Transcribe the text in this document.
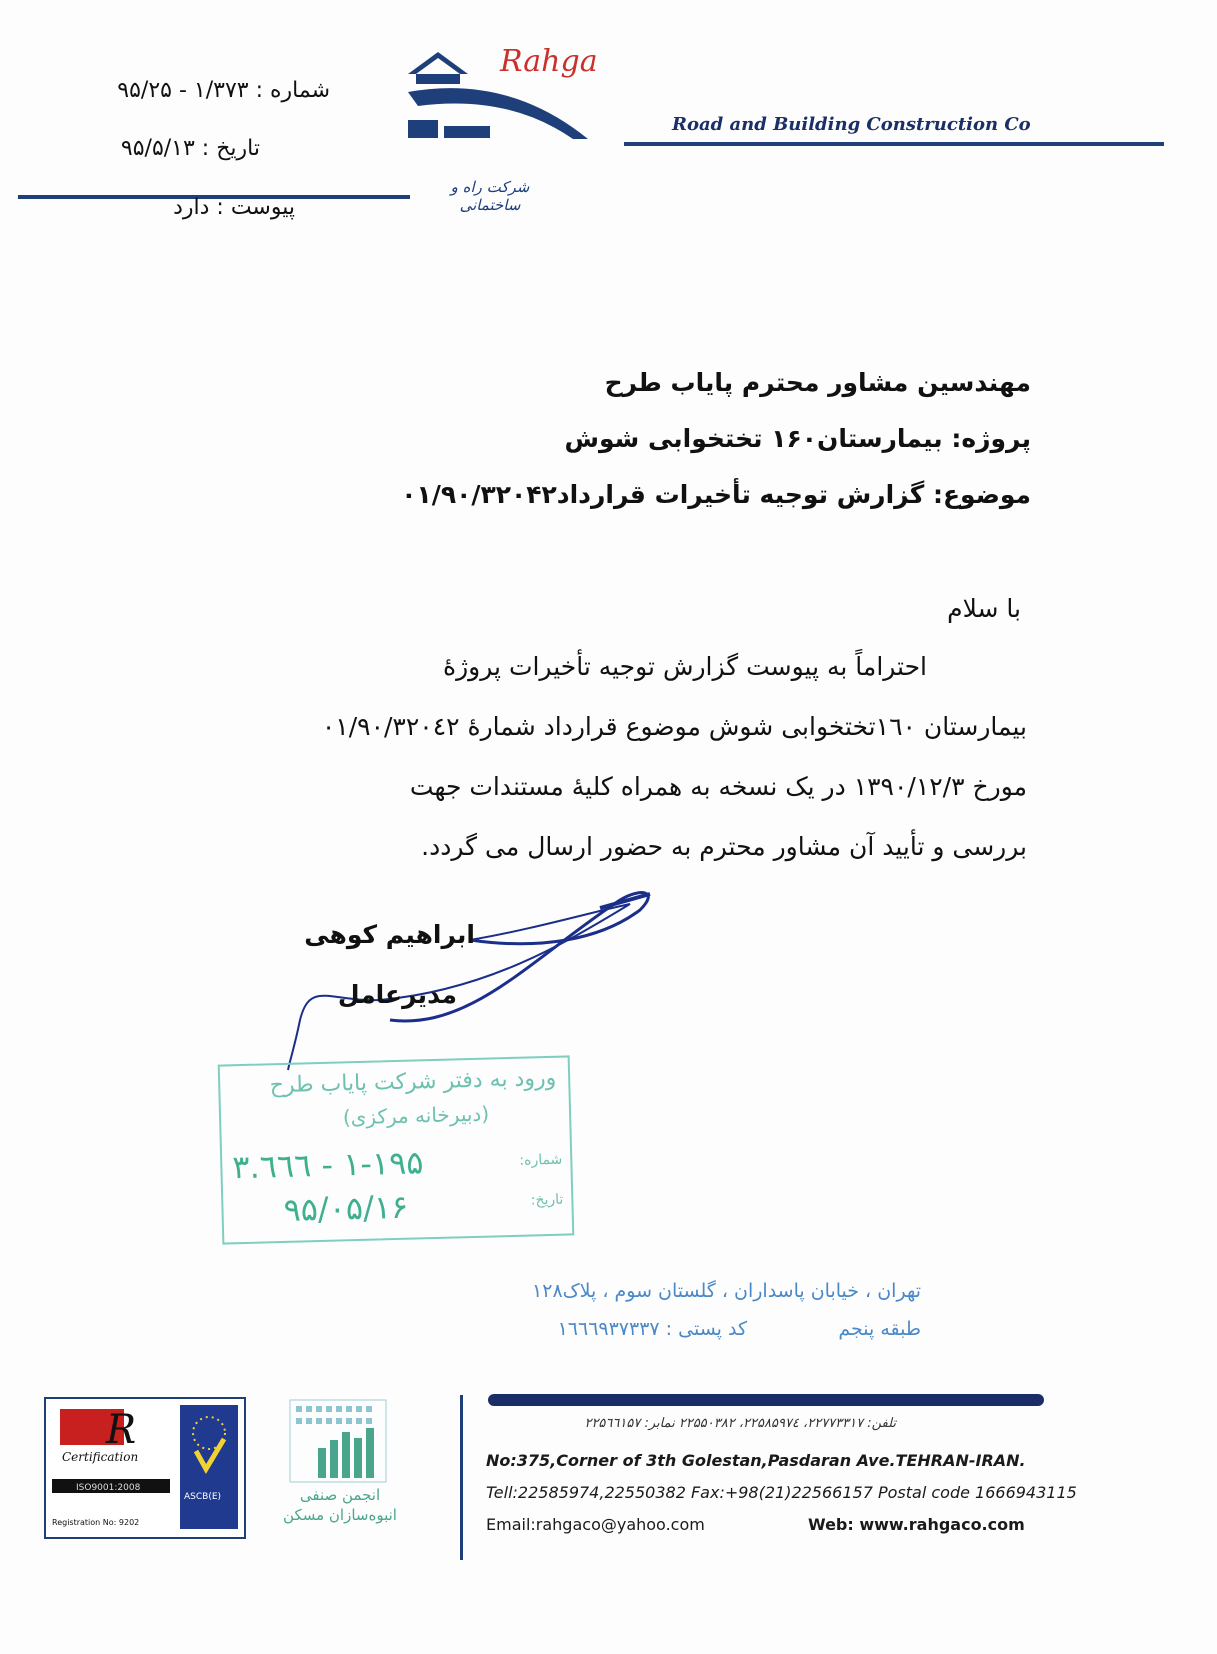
شماره : ۱/۳۷۳ - ۹۵/۲۵
تاریخ : ۹۵/۵/۱۳
پیوست : دارد
Rahga
شرکت راه و ساختمانی
Road and Building Construction Co
مهندسین مشاور محترم پایاب طرح
پروژه: بیمارستان۱۶۰ تختخوابی شوش
موضوع: گزارش توجیه تأخیرات قرارداد۰۱/۹۰/۳۲۰۴۲
با سلام
احتراماً به پیوست گزارش توجیه تأخیرات پروژۀ
بیمارستان ۱٦۰تختخوابی شوش موضوع قرارداد شمارۀ ۰۱/۹۰/۳۲۰٤۲
مورخ ۱۳۹۰/۱۲/۳ در یک نسخه به همراه کلیۀ مستندات جهت
بررسی و تأیید آن مشاور محترم به حضور ارسال می گردد.
ابراهیم کوهی
مدیرعامل
ورود به دفتر شرکت پایاب طرح
(دبیرخانه مرکزی)
شماره:
۱-۱۹۵ - ٦٦٦.۳
تاریخ:
۹۵/۰۵/۱۶
تهران ، خیابان پاسداران ، گلستان سوم ، پلاک۱۲۸
طبقه پنجم
کد پستی : ۱٦٦٦۹۳۷۳۳۷
تلفن: ۲۲۷۷۳۳۱۷، ۲۲۵۸۵۹۷٤، ۲۲۵۵۰۳۸۲ نمابر: ۲۲۵٦٦۱۵۷
No:375,Corner of 3th Golestan,Pasdaran Ave.TEHRAN-IRAN.
Tell:22585974,22550382 Fax:+98(21)22566157 Postal code 1666943115
Email:rahgaco@yahoo.com	Web: www.rahgaco.com
R
Certification
ISO9001:2008
Registration No: 9202
ASCB(E)	انجمن صنفی
انبوه‌سازان مسکن
